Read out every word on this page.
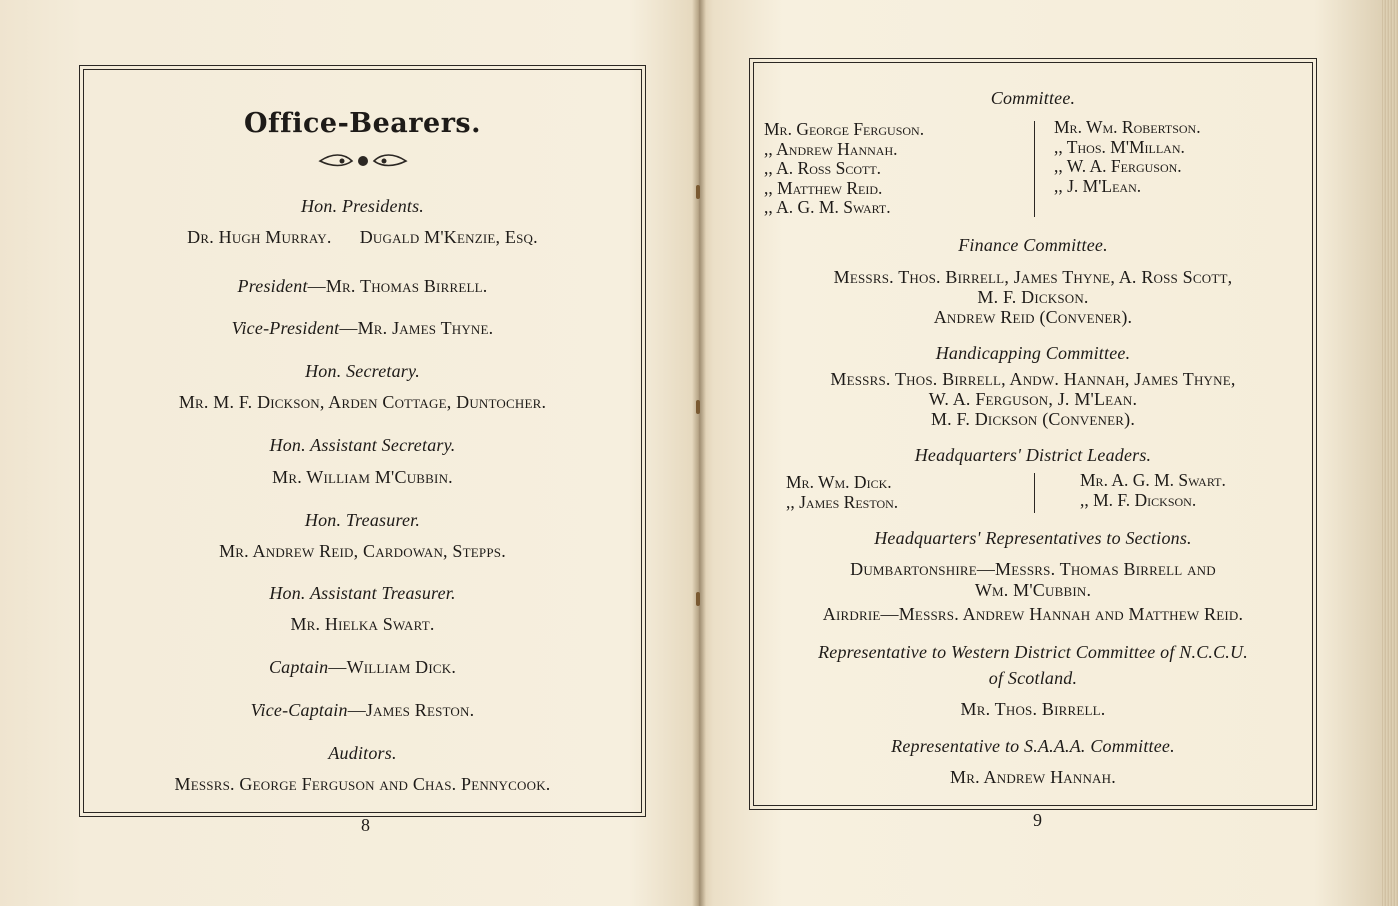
Office-Bearers.
Hon. Presidents.
Dr. Hugh Murray.      Dugald M'Kenzie, Esq.
President—Mr. Thomas Birrell.
Vice-President—Mr. James Thyne.
Hon. Secretary.
Mr. M. F. Dickson, Arden Cottage, Duntocher.
Hon. Assistant Secretary.
Mr. William M'Cubbin.
Hon. Treasurer.
Mr. Andrew Reid, Cardowan, Stepps.
Hon. Assistant Treasurer.
Mr. Hielka Swart.
Captain—William Dick.
Vice-Captain—James Reston.
Auditors.
Messrs. George Ferguson and Chas. Pennycook.
8
Committee.
Mr. George Ferguson.
,, Andrew Hannah.
,, A. Ross Scott.
,, Matthew Reid.
,, A. G. M. Swart.
Mr. Wm. Robertson.
,, Thos. M'Millan.
,, W. A. Ferguson.
,, J. M'Lean.
Finance Committee.
Messrs. Thos. Birrell, James Thyne, A. Ross Scott,
M. F. Dickson.
Andrew Reid (Convener).
Handicapping Committee.
Messrs. Thos. Birrell, Andw. Hannah, James Thyne,
W. A. Ferguson, J. M'Lean.
M. F. Dickson (Convener).
Headquarters' District Leaders.
Mr. Wm. Dick.
,, James Reston.
Mr. A. G. M. Swart.
,, M. F. Dickson.
Headquarters' Representatives to Sections.
Dumbartonshire—Messrs. Thomas Birrell and
Wm. M'Cubbin.
Airdrie—Messrs. Andrew Hannah and Matthew Reid.
Representative to Western District Committee of N.C.C.U.
of Scotland.
Mr. Thos. Birrell.
Representative to S.A.A.A. Committee.
Mr. Andrew Hannah.
9
